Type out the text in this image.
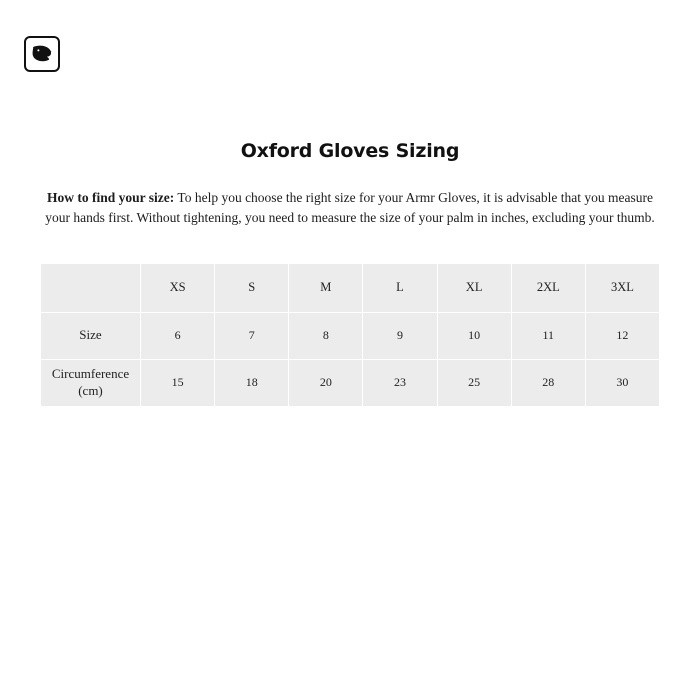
Oxford Gloves Sizing

How to find your size: To help you choose the right size for your Armr Gloves, it is advisable that you measure your hands first. Without tightening, you need to measure the size of your palm in inches, excluding your thumb.

	XS	S	M	L	XL	2XL	3XL
Size	6	7	8	9	10	11	12
Circumference (cm)	15	18	20	23	25	28	30
